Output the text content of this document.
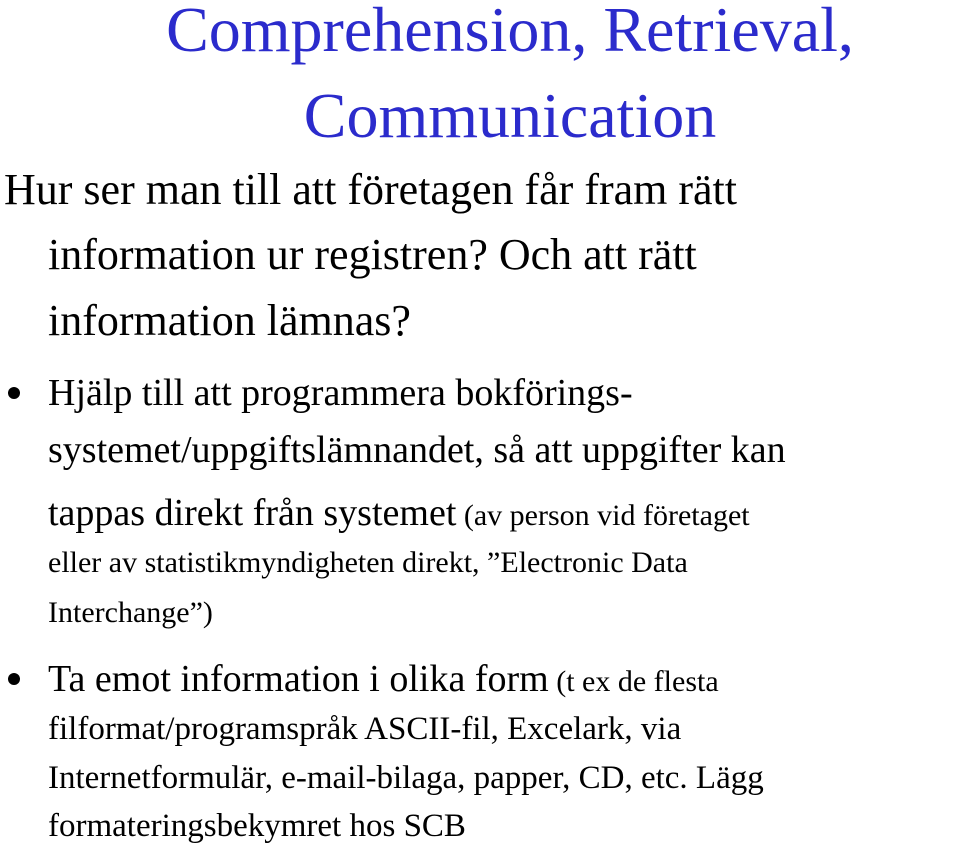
Comprehension, Retrieval,
Communication
Hur ser man till att företagen får fram rätt
information ur registren? Och att rätt
information lämnas?
Hjälp till att programmera bokförings-
systemet/uppgiftslämnandet, så att uppgifter kan
tappas direkt från systemet (av person vid företaget
eller av statistikmyndigheten direkt, ”Electronic Data
Interchange”)
Ta emot information i olika form (t ex de flesta
filformat/programspråk ASCII-fil, Excelark, via
Internetformulär, e-mail-bilaga, papper, CD, etc. Lägg
formateringsbekymret hos SCB
